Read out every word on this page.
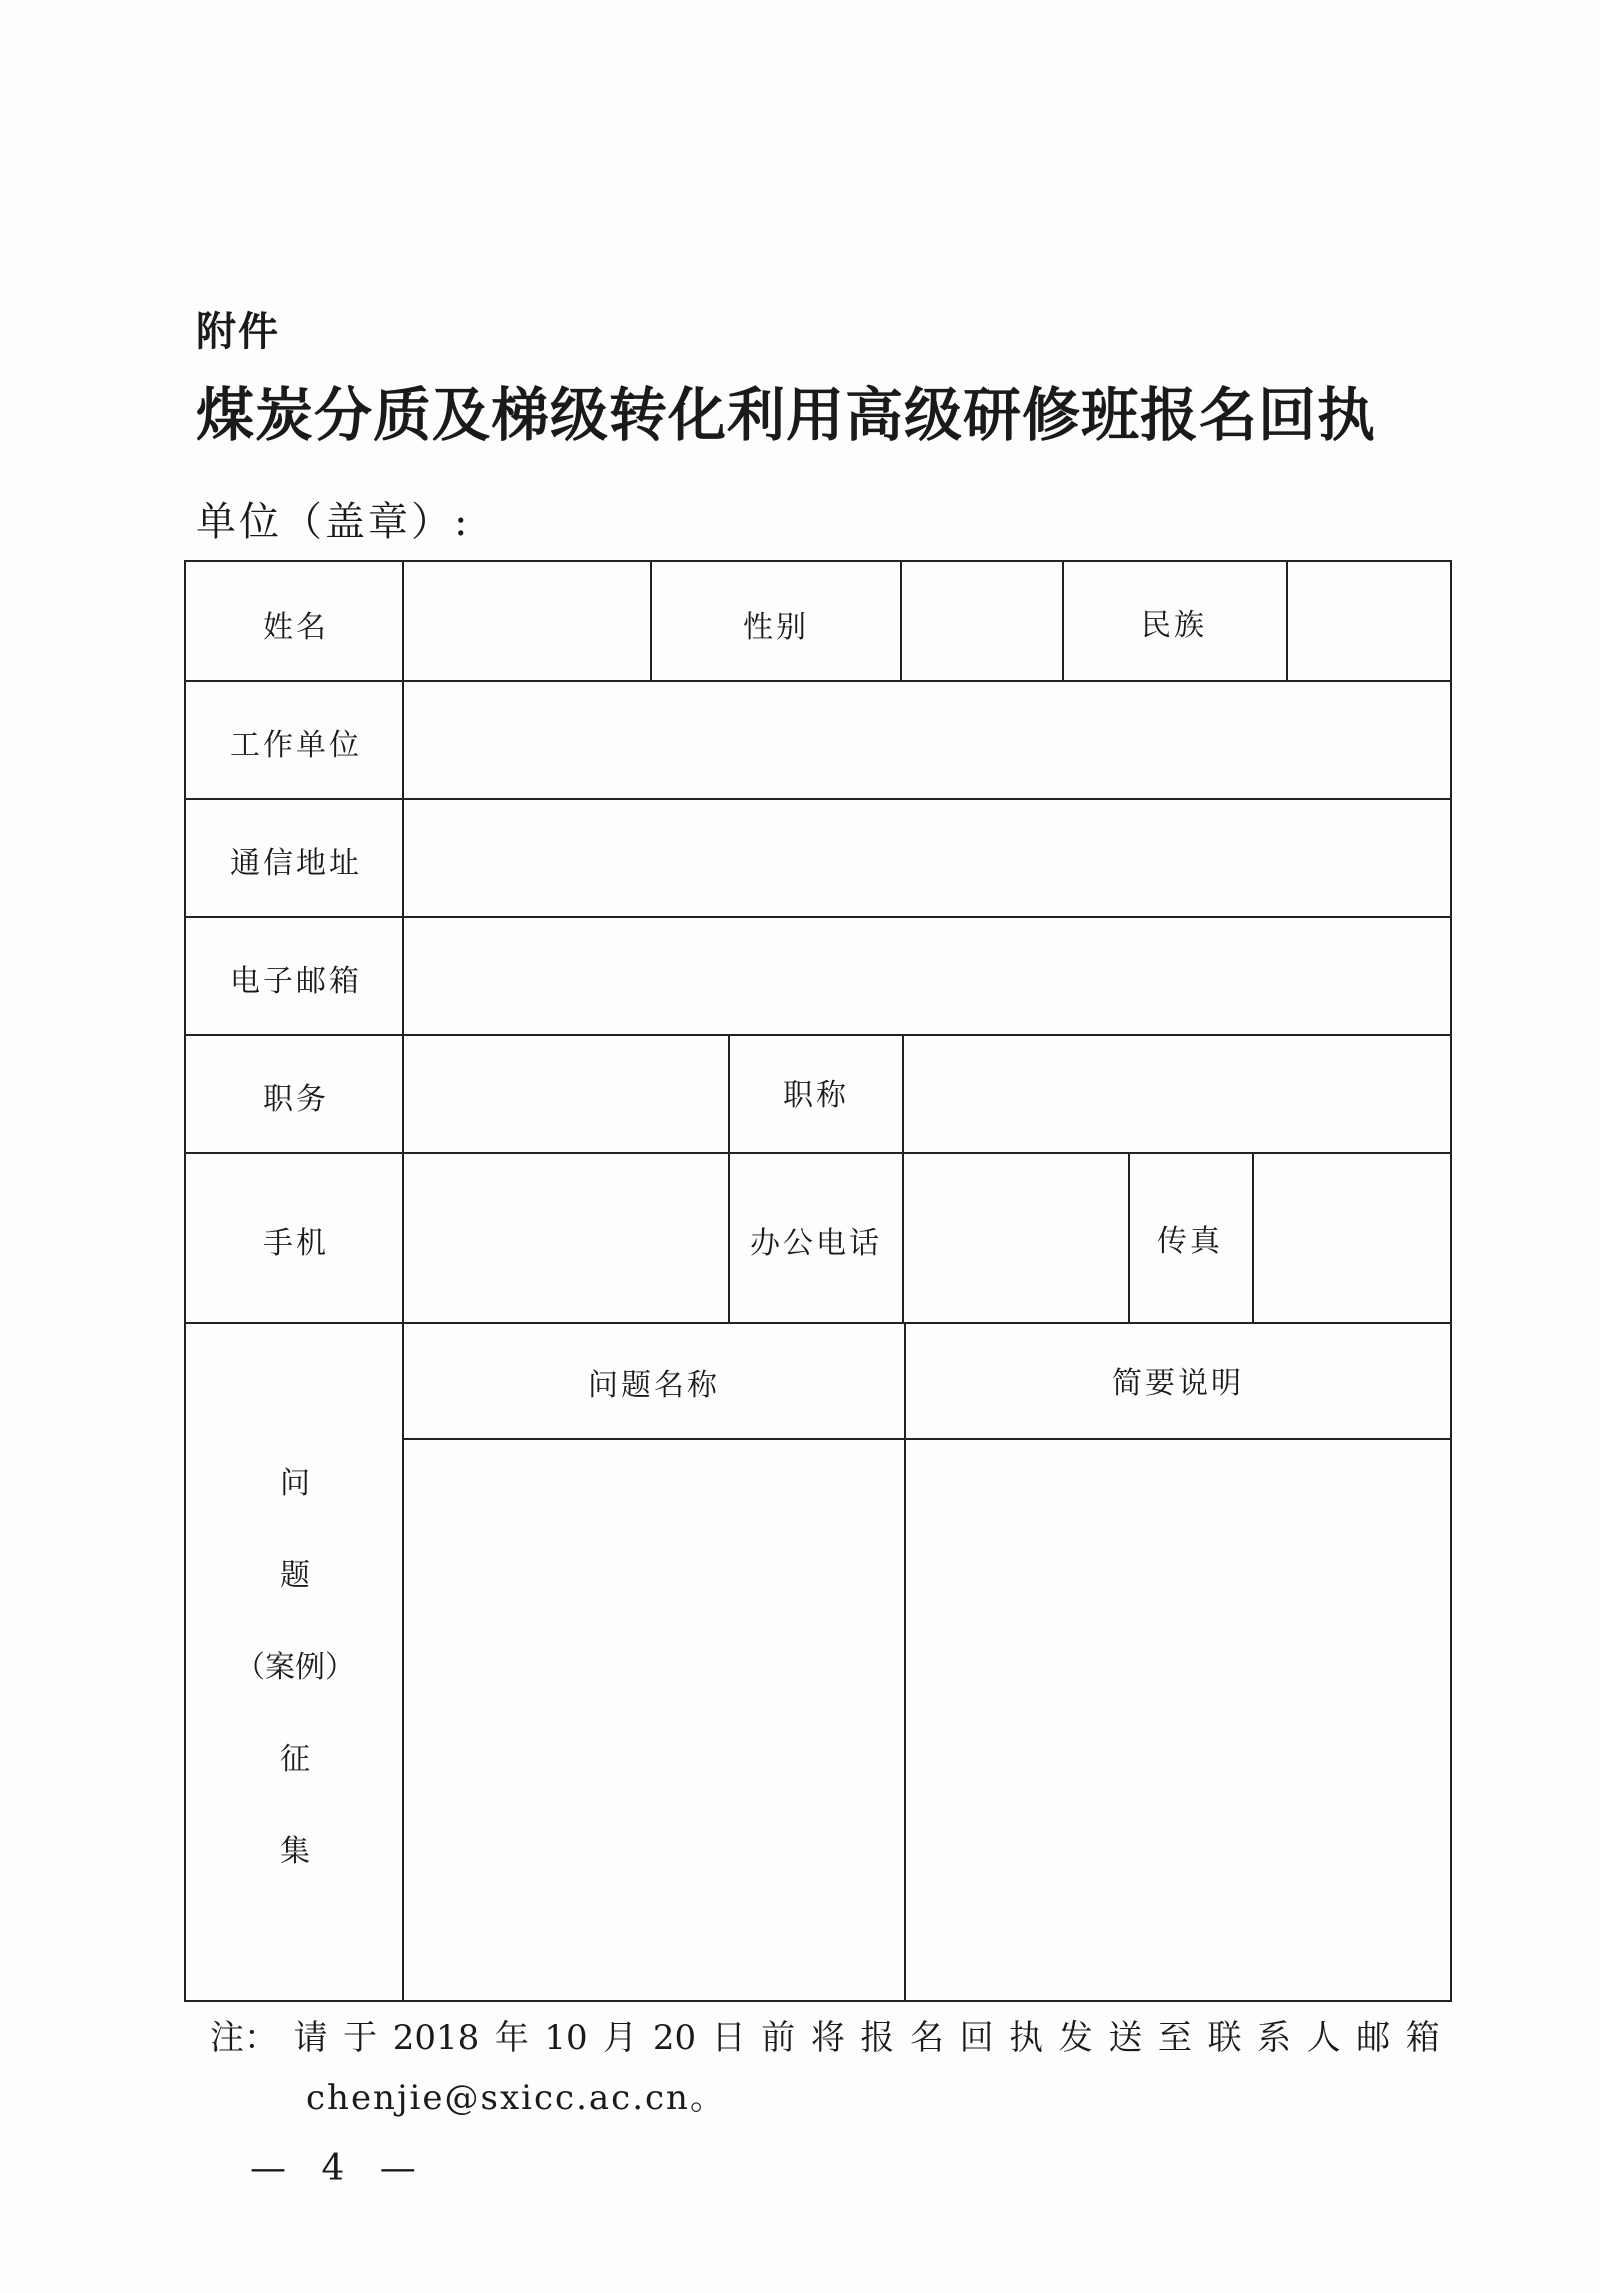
附件
煤炭分质及梯级转化利用高级研修班报名回执
单位（盖章）:
姓名	性别	民族
工作单位
通信地址
电子邮箱
职务	职称
手机	办公电话	传真
问题名称	简要说明
问
题
（案例）
征
集
注： 请 于 2018 年 10 月 20 日 前 将 报 名 回 执 发 送 至 联 系 人 邮 箱
chenjie@sxicc.ac.cn。
— 4 —
